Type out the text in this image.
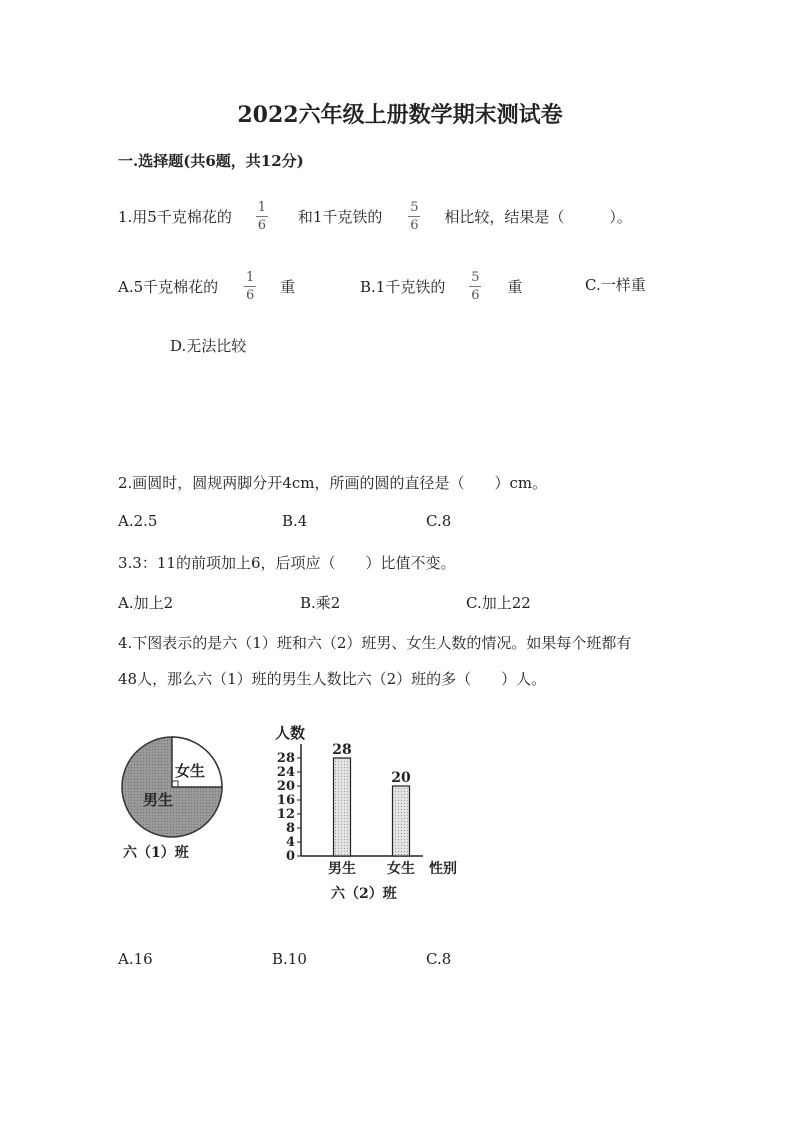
2022六年级上册数学期末测试卷
一.选择题(共6题，共12分)
1.用5千克棉花的 $\frac{1}{6}$ 和1千克铁的 $\frac{5}{6}$ 相比较，结果是（　　　）。
A.5千克棉花的 $\frac{1}{6}$ 重	B.1千克铁的 $\frac{5}{6}$ 重	C.一样重
D.无法比较
2.画圆时，圆规两脚分开4cm，所画的圆的直径是（　　）cm。
A.2.5	B.4	C.8
3.3：11的前项加上6，后项应（　　）比值不变。
A.加上2	B.乘2	C.加上22
4.下图表示的是六（1）班和六（2）班男、女生人数的情况。如果每个班都有
48人，那么六（1）班的男生人数比六（2）班的多（　　）人。
女生
男生
六（1）班
人数
0
4
8
12
16
20
24
28
28
男生
20
女生 性别
六（2）班
A.16	B.10	C.8
